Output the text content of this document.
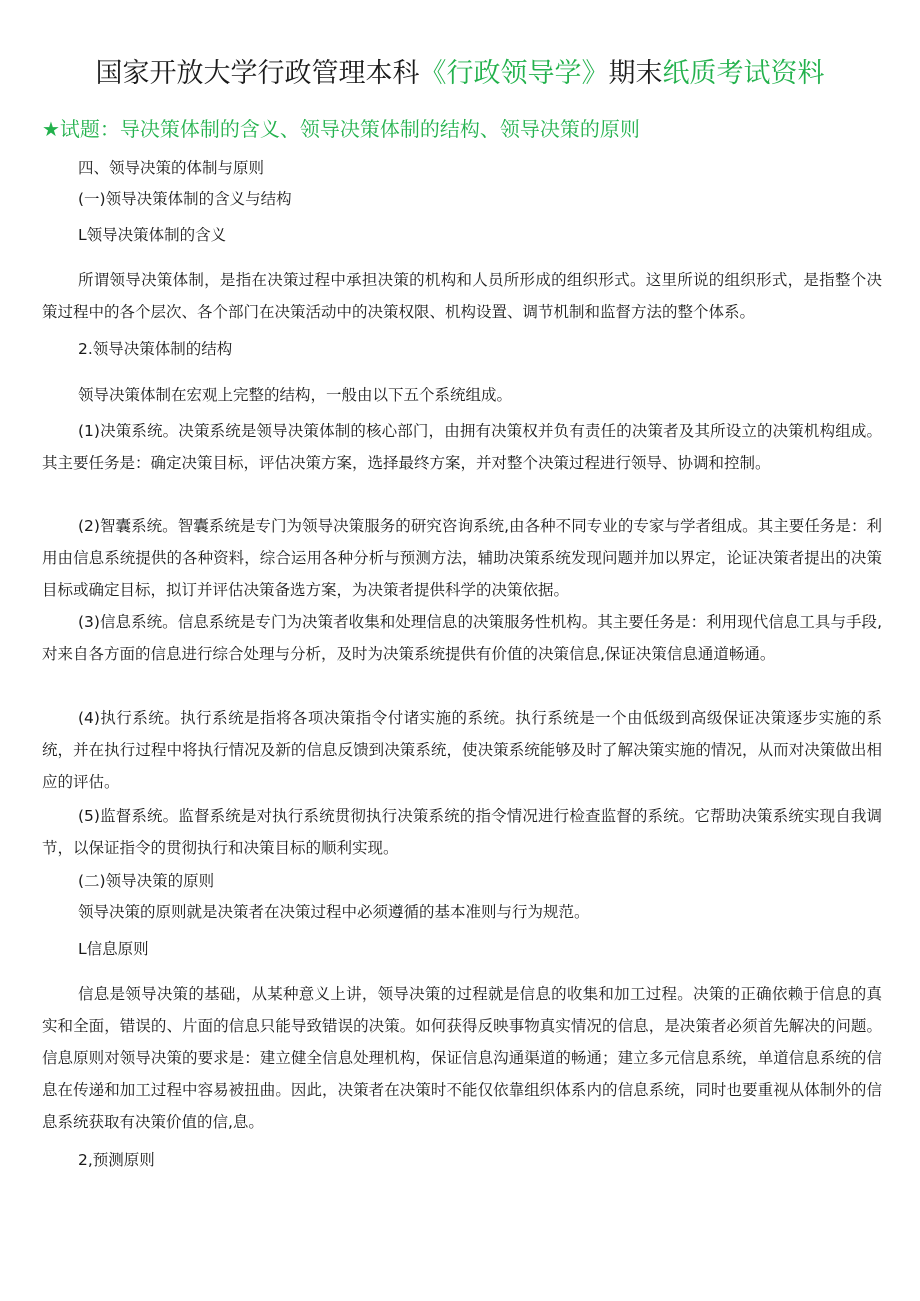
国家开放大学行政管理本科《行政领导学》期末纸质考试资料
★试题：导决策体制的含义、领导决策体制的结构、领导决策的原则
四、领导决策的体制与原则
(一)领导决策体制的含义与结构
L领导决策体制的含义
所谓领导决策体制，是指在决策过程中承担决策的机构和人员所形成的组织形式。这里所说的组织形式，是指整个决策过程中的各个层次、各个部门在决策活动中的决策权限、机构设置、调节机制和监督方法的整个体系。
2.领导决策体制的结构
领导决策体制在宏观上完整的结构，一般由以下五个系统组成。
(1)决策系统。决策系统是领导决策体制的核心部门，由拥有决策权并负有责任的决策者及其所设立的决策机构组成。其主要任务是：确定决策目标，评估决策方案，选择最终方案，并对整个决策过程进行领导、协调和控制。
(2)智囊系统。智囊系统是专门为领导决策服务的研究咨询系统,由各种不同专业的专家与学者组成。其主要任务是：利用由信息系统提供的各种资料，综合运用各种分析与预测方法，辅助决策系统发现问题并加以界定，论证决策者提出的决策目标或确定目标，拟订并评估决策备选方案，为决策者提供科学的决策依据。
(3)信息系统。信息系统是专门为决策者收集和处理信息的决策服务性机构。其主要任务是：利用现代信息工具与手段,对来自各方面的信息进行综合处理与分析，及时为决策系统提供有价值的决策信息,保证决策信息通道畅通。
(4)执行系统。执行系统是指将各项决策指令付诸实施的系统。执行系统是一个由低级到高级保证决策逐步实施的系统，并在执行过程中将执行情况及新的信息反馈到决策系统，使决策系统能够及时了解决策实施的情况，从而对决策做出相应的评估。
(5)监督系统。监督系统是对执行系统贯彻执行决策系统的指令情况进行检查监督的系统。它帮助决策系统实现自我调节，以保证指令的贯彻执行和决策目标的顺利实现。
(二)领导决策的原则
领导决策的原则就是决策者在决策过程中必须遵循的基本准则与行为规范。
L信息原则
信息是领导决策的基础，从某种意义上讲，领导决策的过程就是信息的收集和加工过程。决策的正确依赖于信息的真实和全面，错误的、片面的信息只能导致错误的决策。如何获得反映事物真实情况的信息，是决策者必须首先解决的问题。信息原则对领导决策的要求是：建立健全信息处理机构，保证信息沟通渠道的畅通；建立多元信息系统，单道信息系统的信息在传递和加工过程中容易被扭曲。因此，决策者在决策时不能仅依靠组织体系内的信息系统，同时也要重视从体制外的信息系统获取有决策价值的信,息。
2,预测原则
